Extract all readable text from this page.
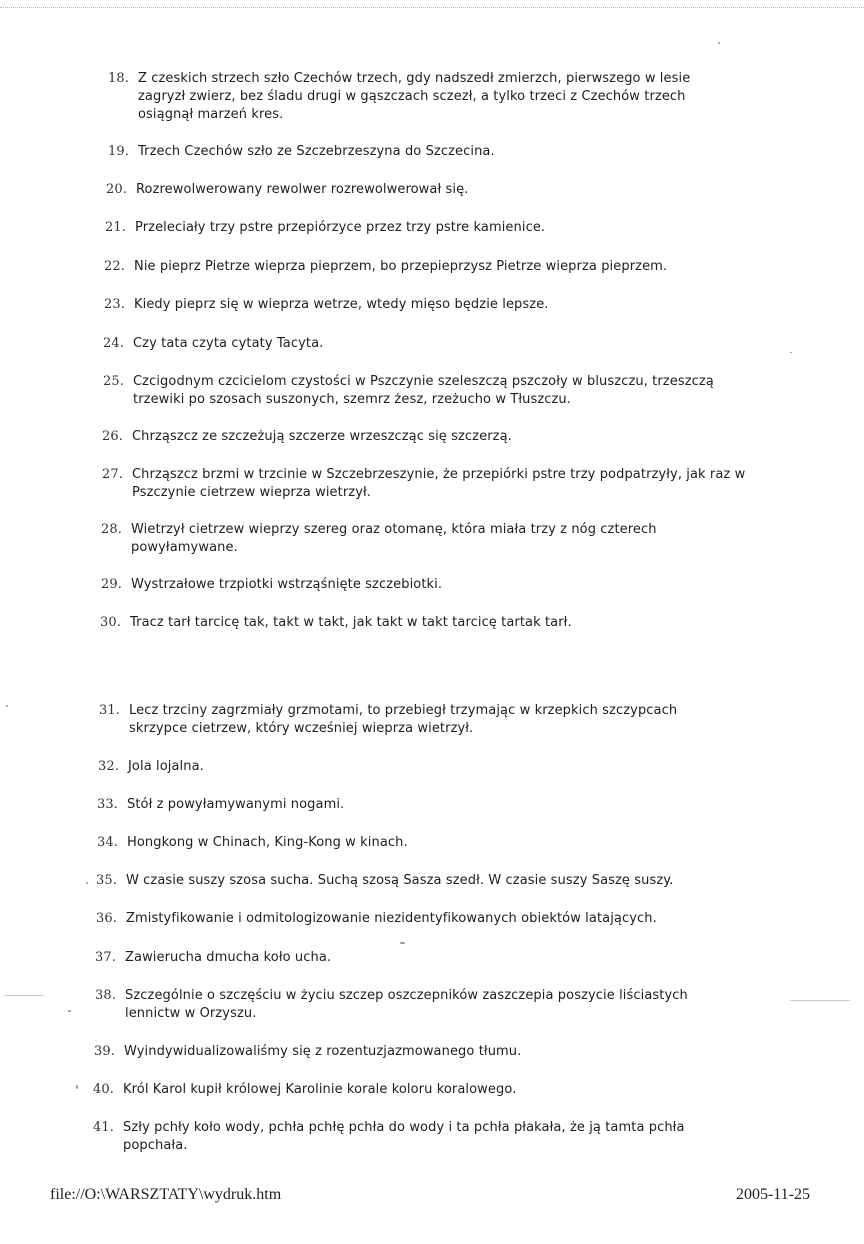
18. Z czeskich strzech szło Czechów trzech, gdy nadszedł zmierzch, pierwszego w lesie zagryzł zwierz, bez śladu drugi w gąszczach sczezł, a tylko trzeci z Czechów trzech osiągnął marzeń kres.
19. Trzech Czechów szło ze Szczebrzeszyna do Szczecina.
20. Rozrewolwerowany rewolwer rozrewolwerował się.
21. Przeleciały trzy pstre przepiórzyce przez trzy pstre kamienice.
22. Nie pieprz Pietrze wieprza pieprzem, bo przepieprzysz Pietrze wieprza pieprzem.
23. Kiedy pieprz się w wieprza wetrze, wtedy mięso będzie lepsze.
24. Czy tata czyta cytaty Tacyta.
25. Czcigodnym czcicielom czystości w Pszczynie szeleszczą pszczoły w bluszczu, trzeszczą trzewiki po szosach suszonych, szemrz żesz, rzeżucho w Tłuszczu.
26. Chrząszcz ze szczeżują szczerze wrzeszcząc się szczerzą.
27. Chrząszcz brzmi w trzcinie w Szczebrzeszynie, że przepiórki pstre trzy podpatrzyły, jak raz w Pszczynie cietrzew wieprza wietrzył.
28. Wietrzył cietrzew wieprzy szereg oraz otomanę, która miała trzy z nóg czterech powyłamywane.
29. Wystrzałowe trzpiotki wstrząśnięte szczebiotki.
30. Tracz tarł tarcicę tak, takt w takt, jak takt w takt tarcicę tartak tarł.
31. Lecz trzciny zagrzmiały grzmotami, to przebiegł trzymając w krzepkich szczypcach skrzypce cietrzew, który wcześniej wieprza wietrzył.
32. Jola lojalna.
33. Stół z powyłamywanymi nogami.
34. Hongkong w Chinach, King-Kong w kinach.
35. W czasie suszy szosa sucha. Suchą szosą Sasza szedł. W czasie suszy Saszę suszy.
36. Zmistyfikowanie i odmitologizowanie niezidentyfikowanych obiektów latających.
37. Zawierucha dmucha koło ucha.
38. Szczególnie o szczęściu w życiu szczep oszczepników zaszczepia poszycie liściastych lennictw w Orzyszu.
39. Wyindywidualizowaliśmy się z rozentuzjazmowanego tłumu.
40. Król Karol kupił królowej Karolinie korale koloru koralowego.
41. Szły pchły koło wody, pchła pchłę pchła do wody i ta pchła płakała, że ją tamta pchła popchała.
file://O:\WARSZTATY\wydruk.htm	2005-11-25
